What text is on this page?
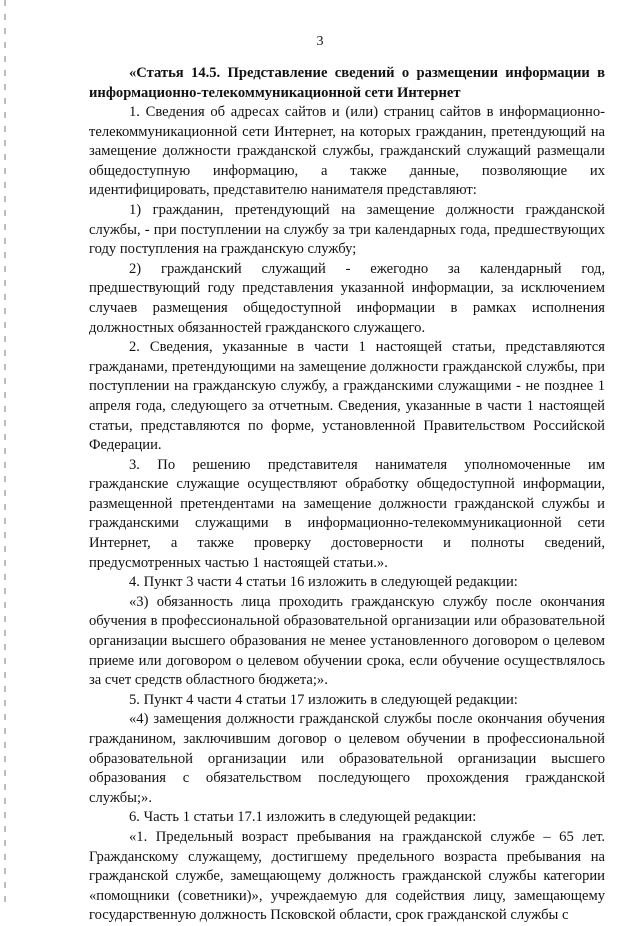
3

«Статья 14.5. Представление сведений о размещении информации в информационно-телекоммуникационной сети Интернет

1. Сведения об адресах сайтов и (или) страниц сайтов в информационно-телекоммуникационной сети Интернет, на которых гражданин, претендующий на замещение должности гражданской службы, гражданский служащий размещали общедоступную информацию, а также данные, позволяющие их идентифицировать, представителю нанимателя представляют:

1) гражданин, претендующий на замещение должности гражданской службы, - при поступлении на службу за три календарных года, предшествующих году поступления на гражданскую службу;

2) гражданский служащий - ежегодно за календарный год, предшествующий году представления указанной информации, за исключением случаев размещения общедоступной информации в рамках исполнения должностных обязанностей гражданского служащего.

2. Сведения, указанные в части 1 настоящей статьи, представляются гражданами, претендующими на замещение должности гражданской службы, при поступлении на гражданскую службу, а гражданскими служащими - не позднее 1 апреля года, следующего за отчетным. Сведения, указанные в части 1 настоящей статьи, представляются по форме, установленной Правительством Российской Федерации.

3. По решению представителя нанимателя уполномоченные им гражданские служащие осуществляют обработку общедоступной информации, размещенной претендентами на замещение должности гражданской службы и гражданскими служащими в информационно-телекоммуникационной сети Интернет, а также проверку достоверности и полноты сведений, предусмотренных частью 1 настоящей статьи.».

4. Пункт 3 части 4 статьи 16 изложить в следующей редакции:

«3) обязанность лица проходить гражданскую службу после окончания обучения в профессиональной образовательной организации или образовательной организации высшего образования не менее установленного договором о целевом приеме или договором о целевом обучении срока, если обучение осуществлялось за счет средств областного бюджета;».

5. Пункт 4 части 4 статьи 17 изложить в следующей редакции:

«4) замещения должности гражданской службы после окончания обучения гражданином, заключившим договор о целевом обучении в профессиональной образовательной организации или образовательной организации высшего образования с обязательством последующего прохождения гражданской службы;».

6. Часть 1 статьи 17.1 изложить в следующей редакции:

«1. Предельный возраст пребывания на гражданской службе – 65 лет. Гражданскому служащему, достигшему предельного возраста пребывания на гражданской службе, замещающему должность гражданской службы категории «помощники (советники)», учреждаемую для содействия лицу, замещающему государственную должность Псковской области, срок гражданской службы с
